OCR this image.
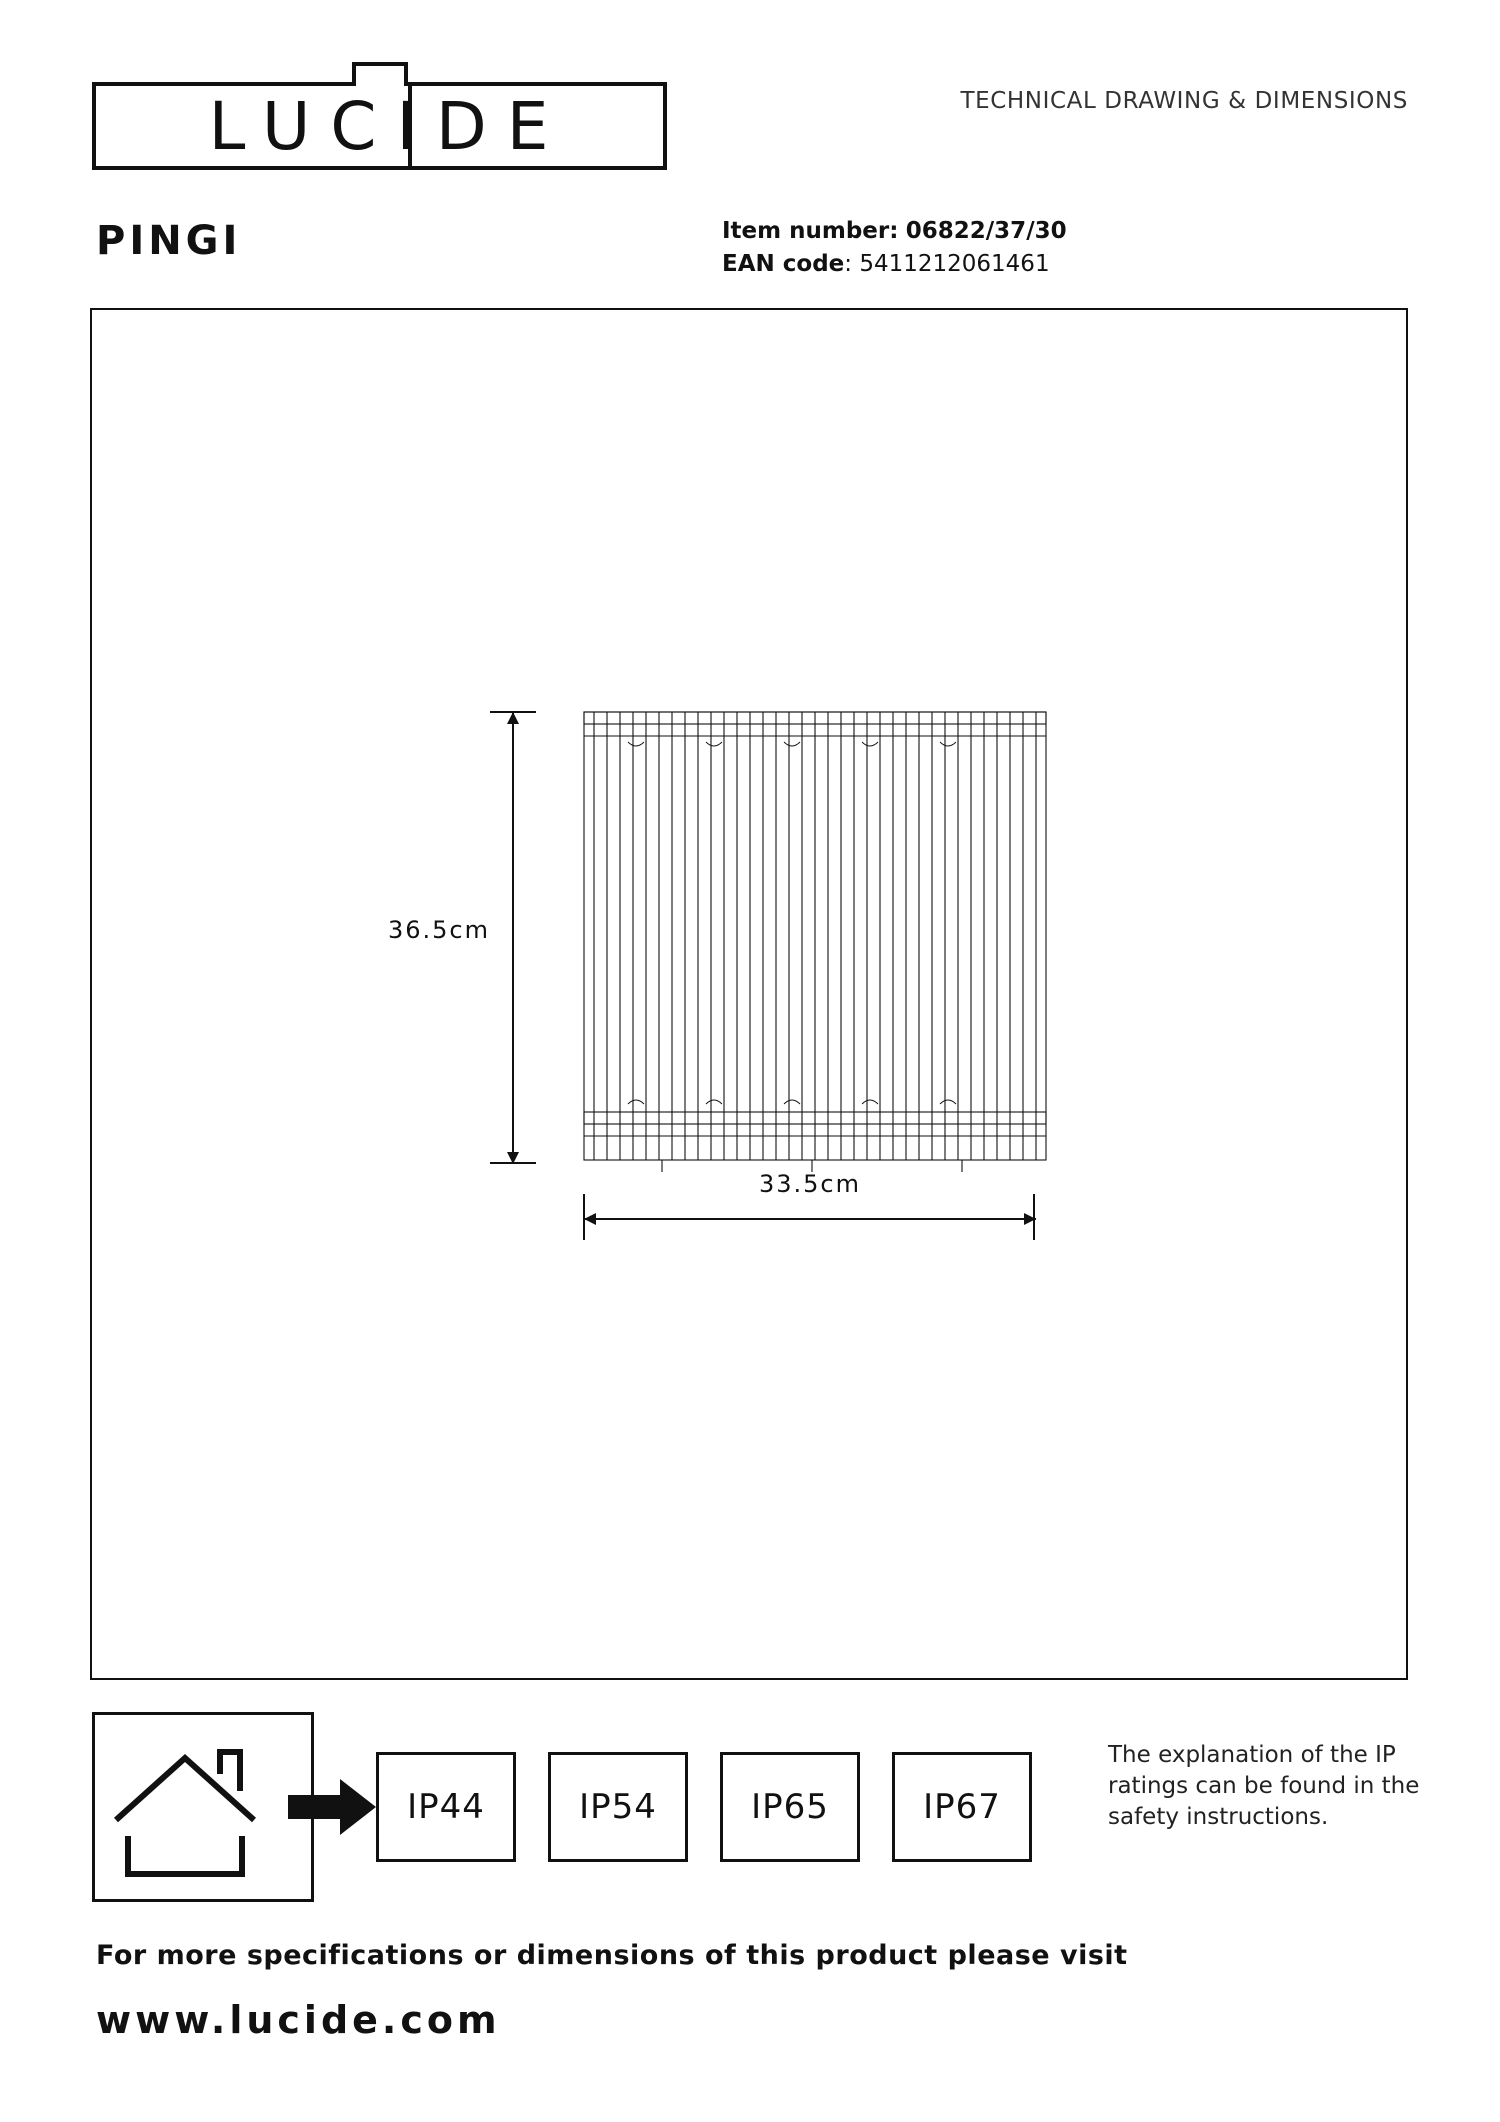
LUCIDE	TECHNICAL DRAWING & DIMENSIONS
PINGI	Item number: 06822/37/30
EAN code: 5411212061461
36.5cm
33.5cm
IP44	IP54	IP65	IP67
The explanation of the IP ratings can be found in the safety instructions.
For more specifications or dimensions of this product please visit
www.lucide.com
